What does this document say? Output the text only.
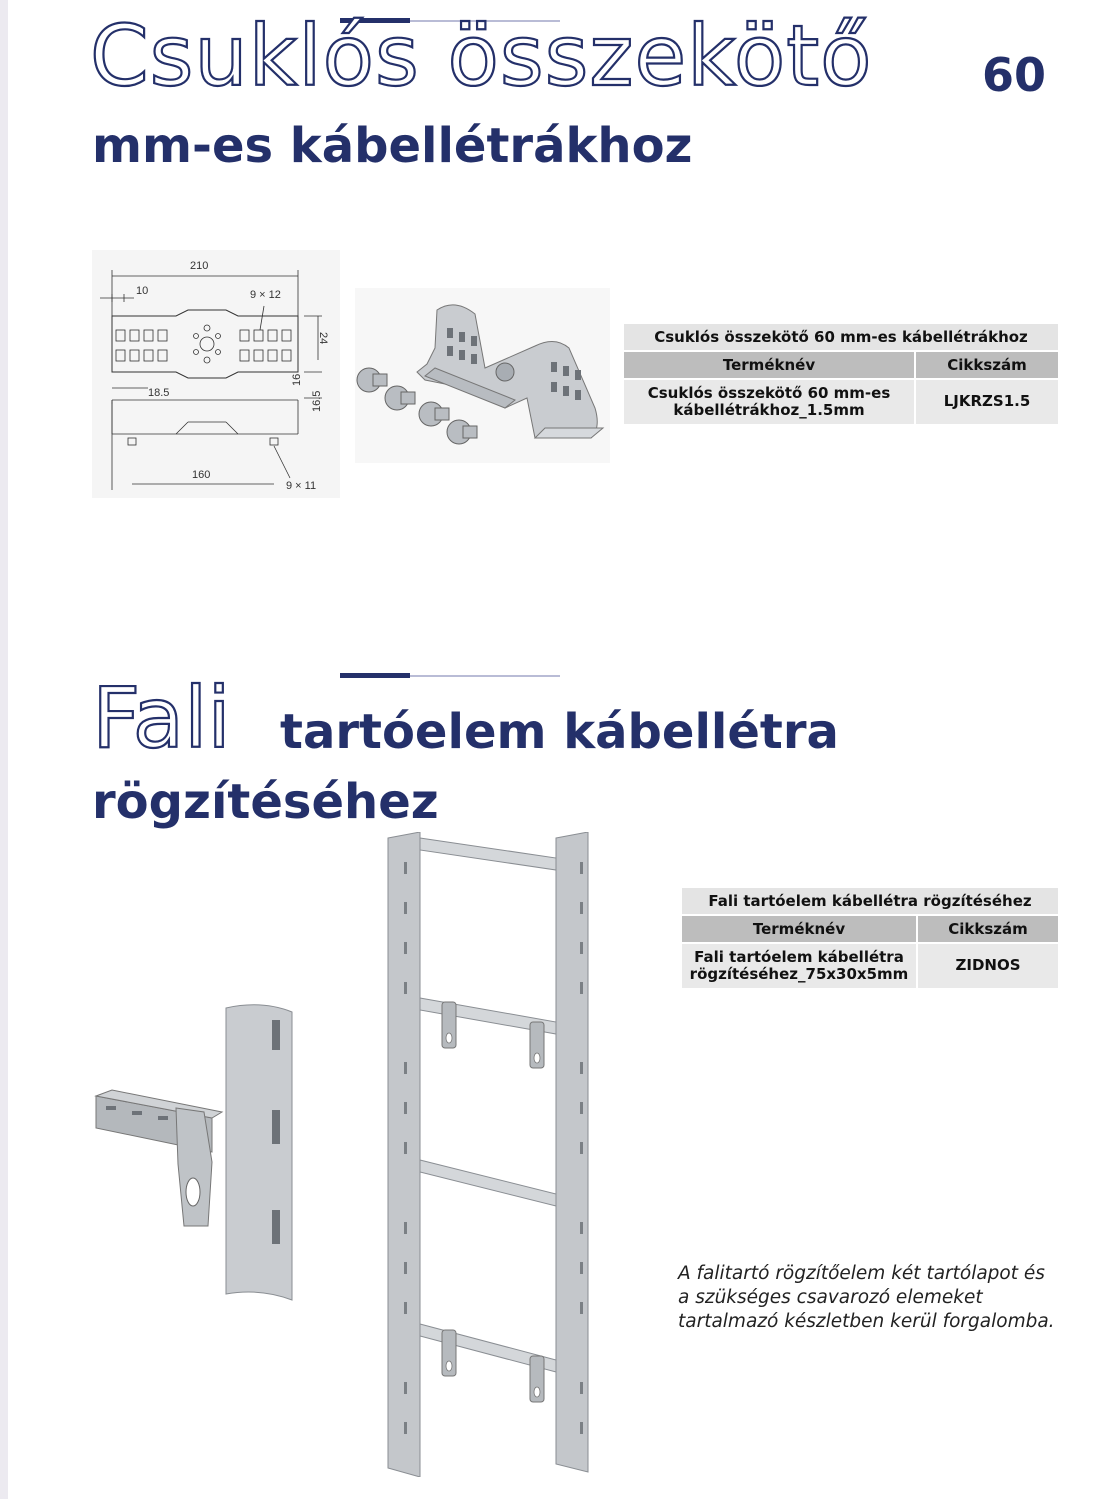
Csuklós összekötő 60
mm-es kábellétrákhoz
210
10	9 × 12
24
16
18.5	16.5
160
9 × 11
Csuklós összekötő 60 mm-es kábellétrákhoz	
Terméknév	Cikkszám
Csuklós összekötő 60 mm-es
kábellétrákhoz_1.5mm	LJKRZS1.5
Fali tartóelem kábellétra
rögzítéséhez
Fali tartóelem kábellétra rögzítéséhez	
Terméknév	Cikkszám
Fali tartóelem kábellétra
rögzítéséhez_75x30x5mm	ZIDNOS
A falitartó rögzítőelem két tartólapot és a szükséges csavarozó elemeket tartalmazó készletben kerül forgalomba.
